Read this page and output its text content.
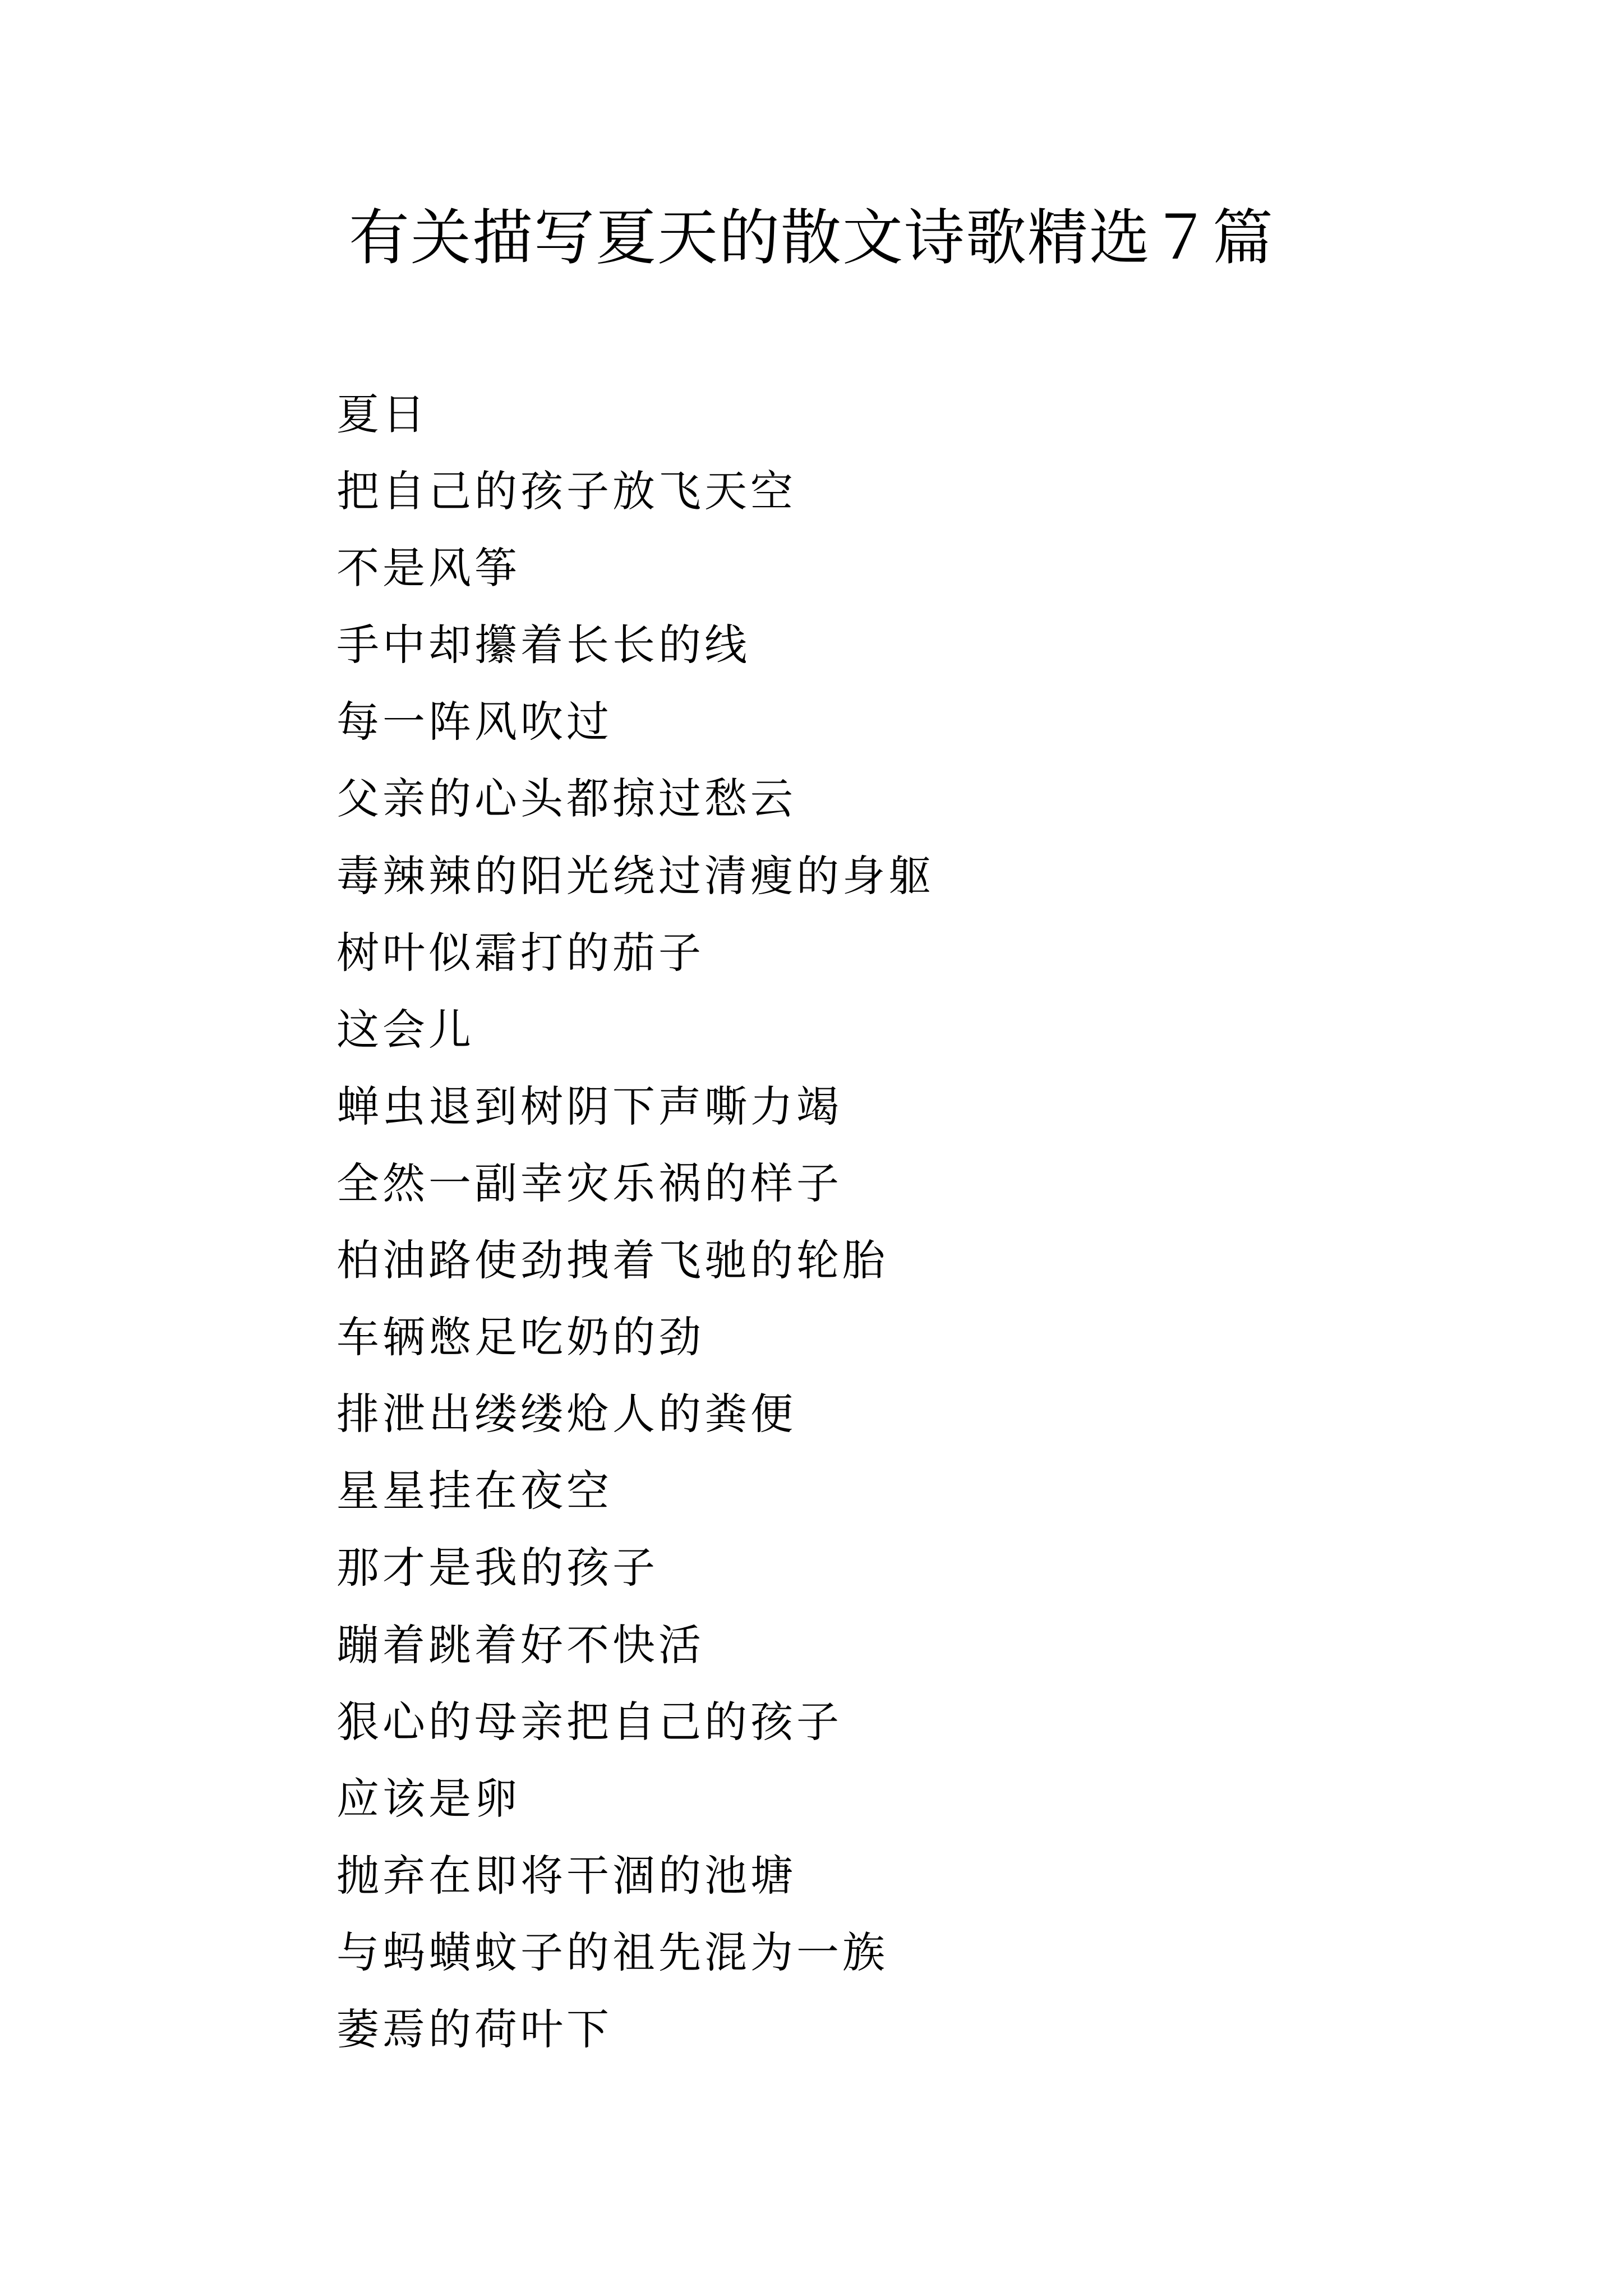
有关描写夏天的散文诗歌精选７篇
夏日
把自己的孩子放飞天空
不是风筝
手中却攥着长长的线
每一阵风吹过
父亲的心头都掠过愁云
毒辣辣的阳光绕过清瘦的身躯
树叶似霜打的茄子
这会儿
蝉虫退到树阴下声嘶力竭
全然一副幸灾乐祸的样子
柏油路使劲拽着飞驰的轮胎
车辆憋足吃奶的劲
排泄出缕缕炝人的粪便
星星挂在夜空
那才是我的孩子
蹦着跳着好不快活
狠心的母亲把自己的孩子
应该是卵
抛弃在即将干涸的池塘
与蚂蟥蚊子的祖先混为一族
萎焉的荷叶下
